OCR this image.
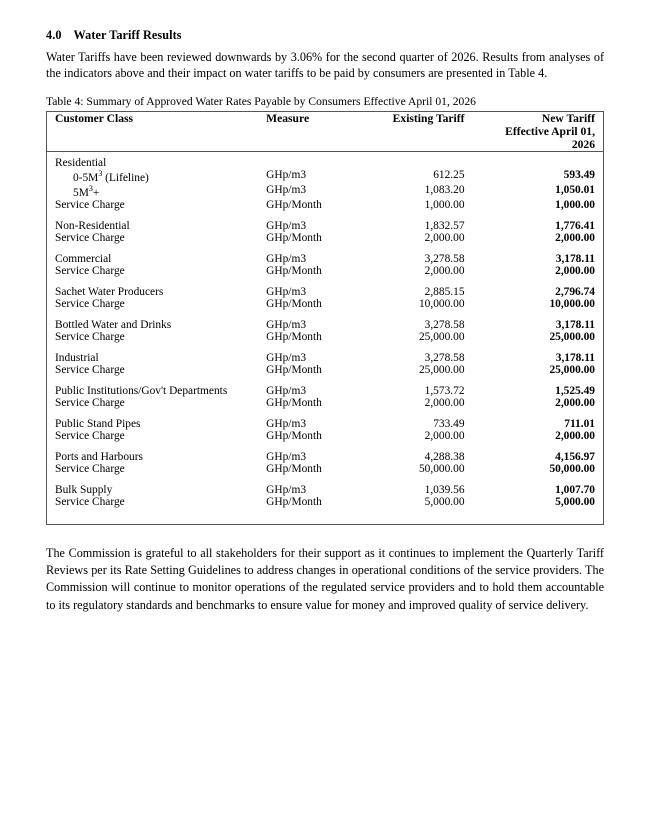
4.0 Water Tariff Results

Water Tariffs have been reviewed downwards by 3.06% for the second quarter of 2026. Results from analyses of the indicators above and their impact on water tariffs to be paid by consumers are presented in Table 4.

Table 4: Summary of Approved Water Rates Payable by Consumers Effective April 01, 2026
Customer Class	Measure	Existing Tariff	New Tariff
			Effective April 01, 2026

Residential			
$0-5M^3$ (Lifeline)	GHp/m3	612.25	593.49
$5M^3+$	GHp/m3	1,083.20	1,050.01
Service Charge	GHp/Month	1,000.00	1,000.00

Non-Residential	GHp/m3	1,832.57	1,776.41
Service Charge	GHp/Month	2,000.00	2,000.00

Commercial	GHp/m3	3,278.58	3,178.11
Service Charge	GHp/Month	2,000.00	2,000.00

Sachet Water Producers	GHp/m3	2,885.15	2,796.74
Service Charge	GHp/Month	10,000.00	10,000.00

Bottled Water and Drinks	GHp/m3	3,278.58	3,178.11
Service Charge	GHp/Month	25,000.00	25,000.00

Industrial	GHp/m3	3,278.58	3,178.11
Service Charge	GHp/Month	25,000.00	25,000.00

Public Institutions/Gov't Departments	GHp/m3	1,573.72	1,525.49
Service Charge	GHp/Month	2,000.00	2,000.00

Public Stand Pipes	GHp/m3	733.49	711.01
Service Charge	GHp/Month	2,000.00	2,000.00

Ports and Harbours	GHp/m3	4,288.38	4,156.97
Service Charge	GHp/Month	50,000.00	50,000.00

Bulk Supply	GHp/m3	1,039.56	1,007.70
Service Charge	GHp/Month	5,000.00	5,000.00

The Commission is grateful to all stakeholders for their support as it continues to implement the Quarterly Tariff Reviews per its Rate Setting Guidelines to address changes in operational conditions of the service providers. The Commission will continue to monitor operations of the regulated service providers and to hold them accountable to its regulatory standards and benchmarks to ensure value for money and improved quality of service delivery.
